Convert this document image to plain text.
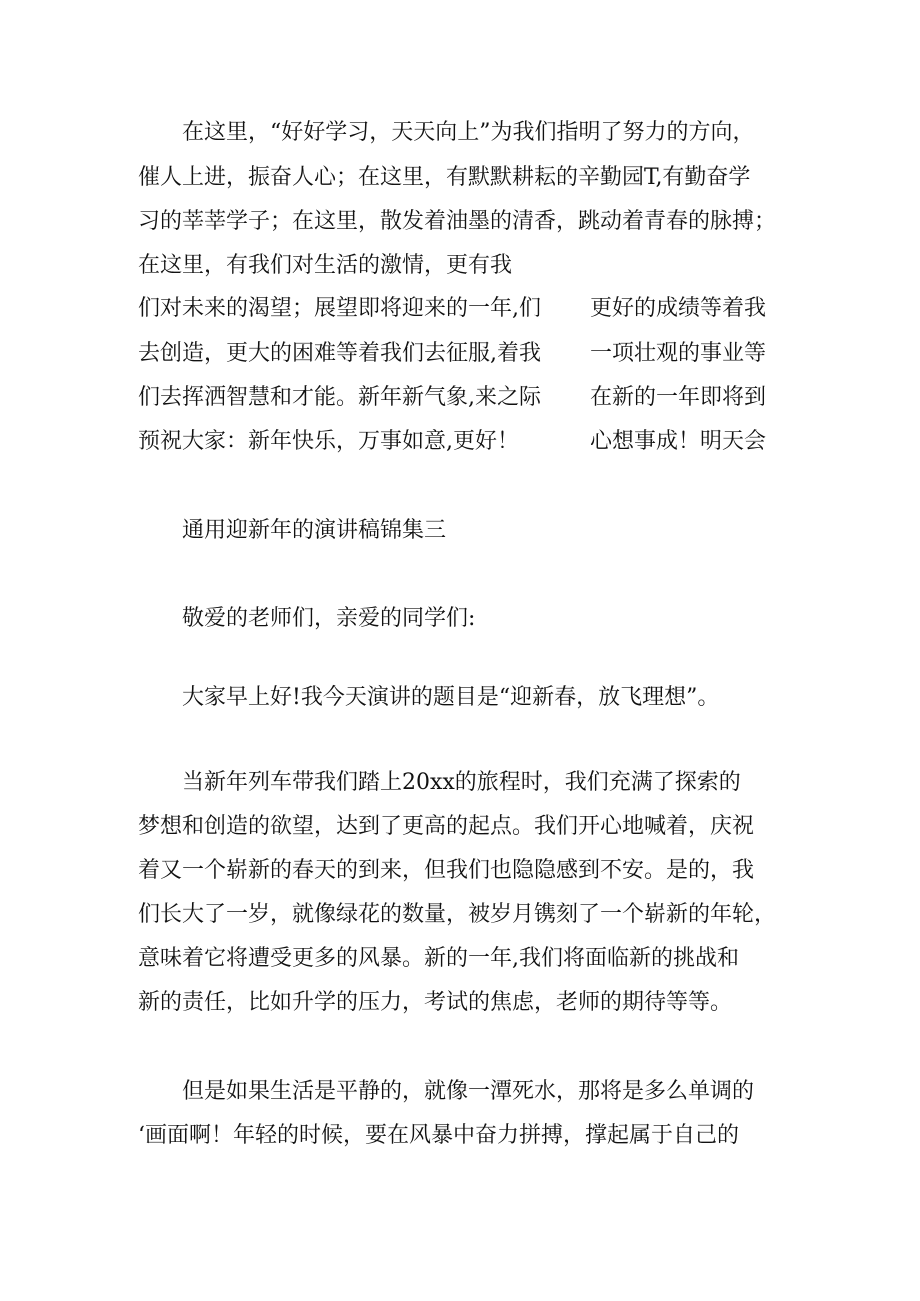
　　在这里，“好好学习，天天向上”为我们指明了努力的方向，
催人上进，振奋人心；在这里，有默默耕耘的辛勤园T,有勤奋学
习的莘莘学子；在这里，散发着油墨的清香，跳动着青春的脉搏；
在这里，有我们对生活的激情，更有我
们对未来的渴望；展望即将迎来的一年,们
去创造，更大的困难等着我们去征服,着我
们去挥洒智慧和才能。新年新气象,来之际
预祝大家：新年快乐，万事如意,更好！
更好的成绩等着我
一项壮观的事业等
在新的一年即将到
心想事成！明天会
　　通用迎新年的演讲稿锦集三
　　敬爱的老师们，亲爱的同学们:
　　大家早上好!我今天演讲的题目是“迎新春，放飞理想”。
　　当新年列车带我们踏上20xx的旅程时，我们充满了探索的
梦想和创造的欲望，达到了更高的起点。我们开心地喊着，庆祝
着又一个崭新的春天的到来，但我们也隐隐感到不安。是的，我
们长大了一岁，就像绿花的数量，被岁月镌刻了一个崭新的年轮，
意味着它将遭受更多的风暴。新的一年,我们将面临新的挑战和
新的责任，比如升学的压力，考试的焦虑，老师的期待等等。
　　但是如果生活是平静的，就像一潭死水，那将是多么单调的
‘画面啊！年轻的时候，要在风暴中奋力拼搏，撑起属于自己的
